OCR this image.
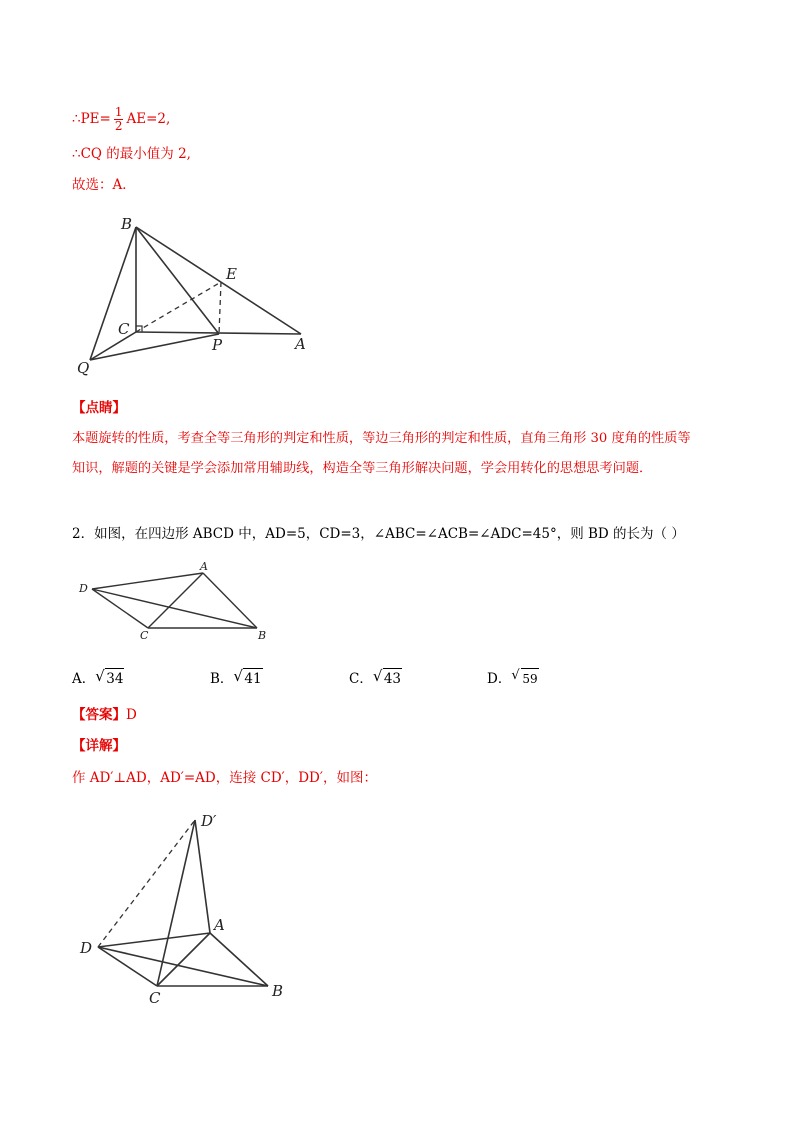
∴PE= $\frac{1}{2} AE=2$,
∴CQ 的最小值为 2,
故选：A．
B
E
C
P	A
Q
【点睛】
本题旋转的性质，考查全等三角形的判定和性质，等边三角形的判定和性质，直角三角形 30 度角的性质等
知识，解题的关键是学会添加常用辅助线，构造全等三角形解决问题，学会用转化的思想思考问题．
2．如图，在四边形 ABCD 中，AD=5，CD=3，∠ABC=∠ACB=∠ADC=45°，则 BD 的长为（ ）
D
A
C	B
A． √ 34	B． √ 41	C． √ 43	D． √ 59
【答案】D
【详解】
作 AD′⊥AD，AD′=AD，连接 CD′，DD′，如图：
D′
A
D
C	B
